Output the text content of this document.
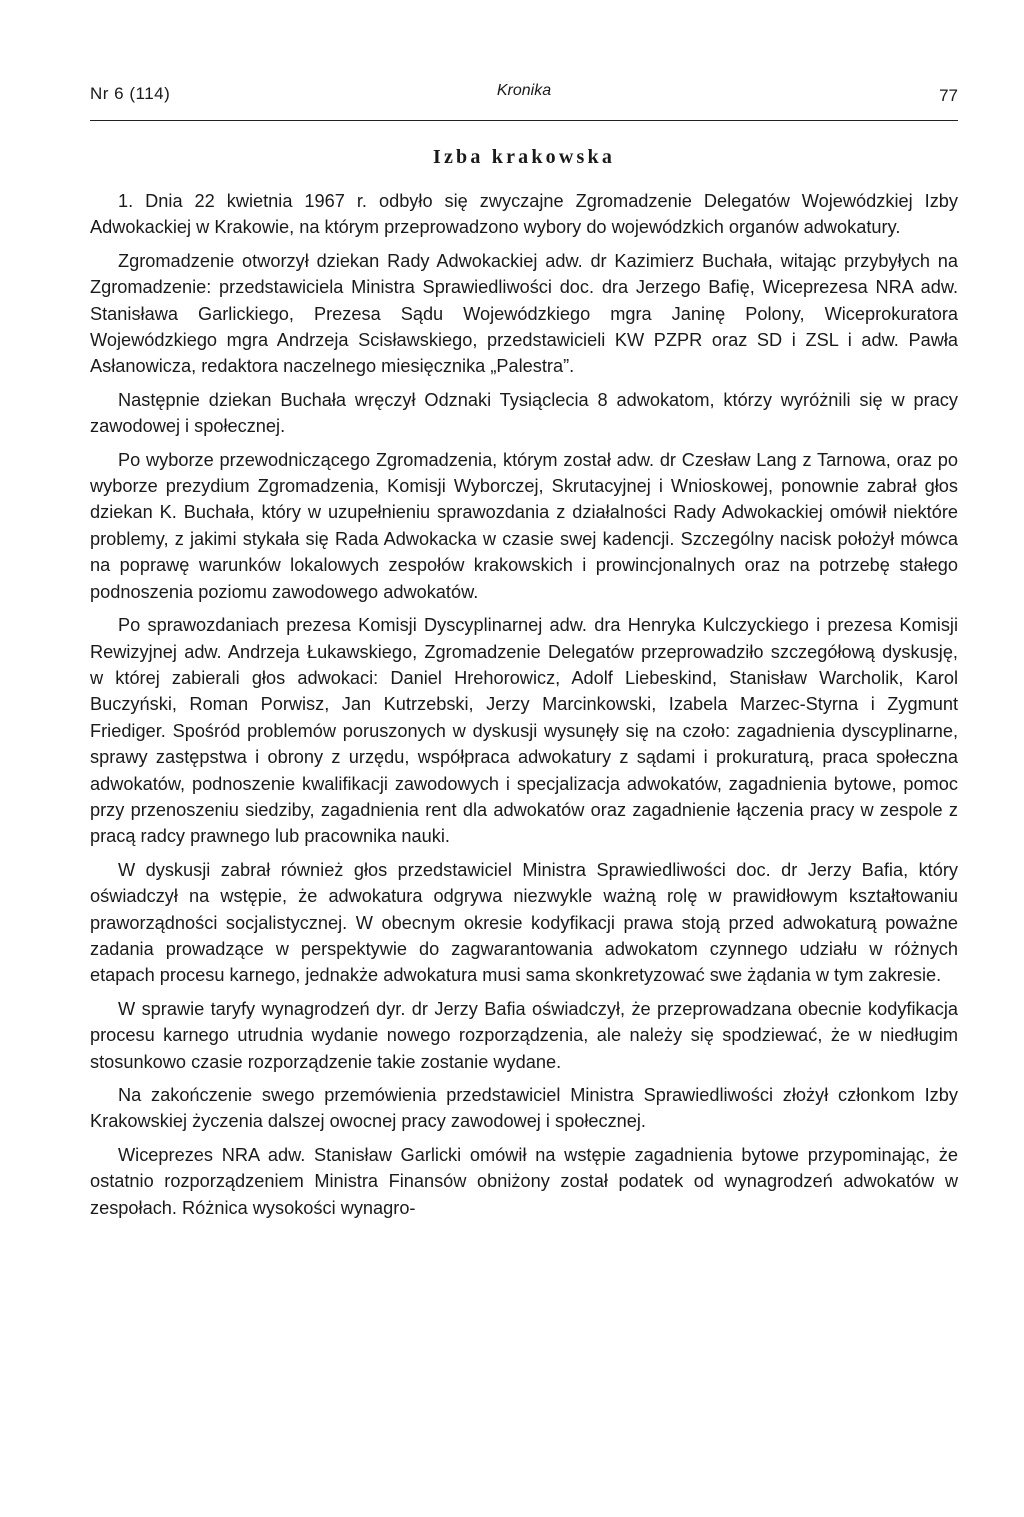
Nr 6 (114)	Kronika	77
Izba krakowska

1. Dnia 22 kwietnia 1967 r. odbyło się zwyczajne Zgromadzenie Delegatów Wojewódzkiej Izby Adwokackiej w Krakowie, na którym przeprowadzono wybory do wojewódzkich organów adwokatury.

Zgromadzenie otworzył dziekan Rady Adwokackiej adw. dr Kazimierz Buchała, witając przybyłych na Zgromadzenie: przedstawiciela Ministra Sprawiedliwości doc. dra Jerzego Bafię, Wiceprezesa NRA adw. Stanisława Garlickiego, Prezesa Sądu Wojewódzkiego mgra Janinę Polony, Wiceprokuratora Wojewódzkiego mgra Andrzeja Scisławskiego, przedstawicieli KW PZPR oraz SD i ZSL i adw. Pawła Asłanowicza, redaktora naczelnego miesięcznika „Palestra”.

Następnie dziekan Buchała wręczył Odznaki Tysiąclecia 8 adwokatom, którzy wyróżnili się w pracy zawodowej i społecznej.

Po wyborze przewodniczącego Zgromadzenia, którym został adw. dr Czesław Lang z Tarnowa, oraz po wyborze prezydium Zgromadzenia, Komisji Wyborczej, Skrutacyjnej i Wnioskowej, ponownie zabrał głos dziekan K. Buchała, który w uzupełnieniu sprawozdania z działalności Rady Adwokackiej omówił niektóre problemy, z jakimi stykała się Rada Adwokacka w czasie swej kadencji. Szczególny nacisk położył mówca na poprawę warunków lokalowych zespołów krakowskich i prowincjonalnych oraz na potrzebę stałego podnoszenia poziomu zawodowego adwokatów.

Po sprawozdaniach prezesa Komisji Dyscyplinarnej adw. dra Henryka Kulczyckiego i prezesa Komisji Rewizyjnej adw. Andrzeja Łukawskiego, Zgromadzenie Delegatów przeprowadziło szczegółową dyskusję, w której zabierali głos adwokaci: Daniel Hrehorowicz, Adolf Liebeskind, Stanisław Warcholik, Karol Buczyński, Roman Porwisz, Jan Kutrzebski, Jerzy Marcinkowski, Izabela Marzec-Styrna i Zygmunt Friediger. Spośród problemów poruszonych w dyskusji wysunęły się na czoło: zagadnienia dyscyplinarne, sprawy zastępstwa i obrony z urzędu, współpraca adwokatury z sądami i prokuraturą, praca społeczna adwokatów, podnoszenie kwalifikacji zawodowych i specjalizacja adwokatów, zagadnienia bytowe, pomoc przy przenoszeniu siedziby, zagadnienia rent dla adwokatów oraz zagadnienie łączenia pracy w zespole z pracą radcy prawnego lub pracownika nauki.

W dyskusji zabrał również głos przedstawiciel Ministra Sprawiedliwości doc. dr Jerzy Bafia, który oświadczył na wstępie, że adwokatura odgrywa niezwykle ważną rolę w prawidłowym kształtowaniu praworządności socjalistycznej. W obecnym okresie kodyfikacji prawa stoją przed adwokaturą poważne zadania prowadzące w perspektywie do zagwarantowania adwokatom czynnego udziału w różnych etapach procesu karnego, jednakże adwokatura musi sama skonkretyzować swe żądania w tym zakresie.

W sprawie taryfy wynagrodzeń dyr. dr Jerzy Bafia oświadczył, że przeprowadzana obecnie kodyfikacja procesu karnego utrudnia wydanie nowego rozporządzenia, ale należy się spodziewać, że w niedługim stosunkowo czasie rozporządzenie takie zostanie wydane.

Na zakończenie swego przemówienia przedstawiciel Ministra Sprawiedliwości złożył członkom Izby Krakowskiej życzenia dalszej owocnej pracy zawodowej i społecznej.

Wiceprezes NRA adw. Stanisław Garlicki omówił na wstępie zagadnienia bytowe przypominając, że ostatnio rozporządzeniem Ministra Finansów obniżony został podatek od wynagrodzeń adwokatów w zespołach. Różnica wysokości wynagro-
